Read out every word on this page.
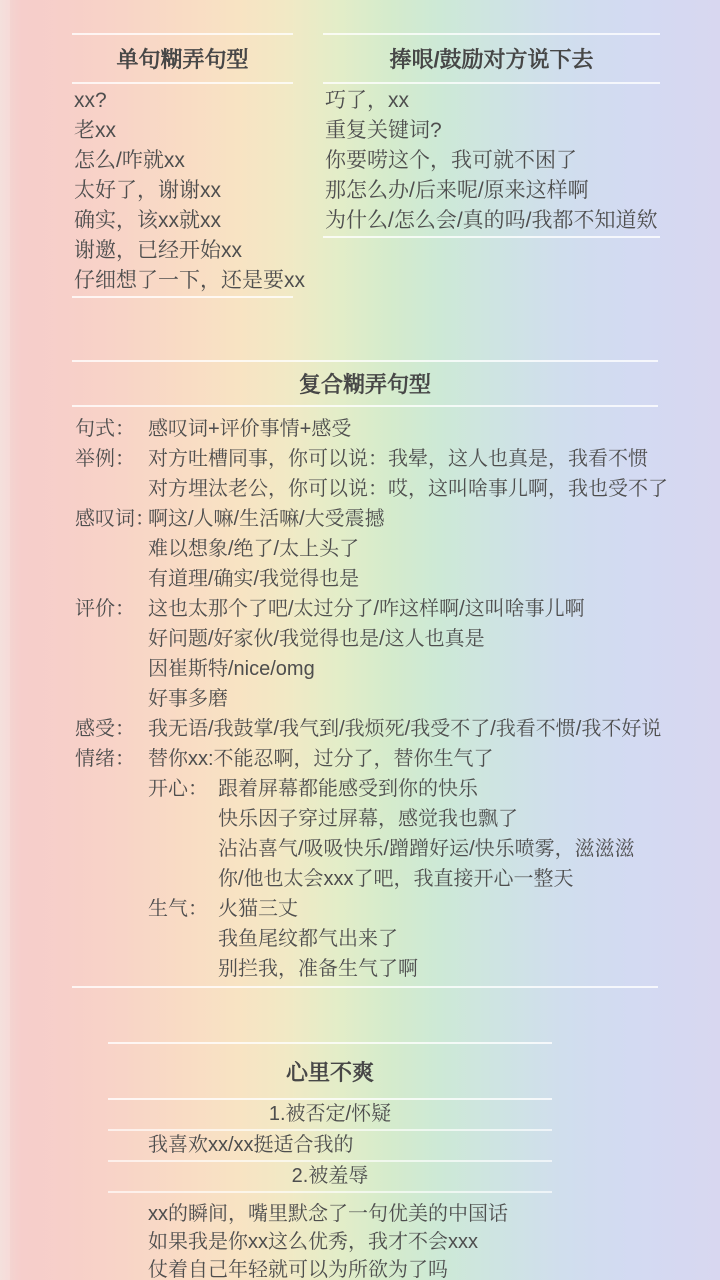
单句糊弄句型
xx?
老xx
怎么/咋就xx
太好了，谢谢xx
确实，该xx就xx
谢邀，已经开始xx
仔细想了一下，还是要xx
捧哏/鼓励对方说下去
巧了，xx
重复关键词?
你要唠这个，我可就不困了
那怎么办/后来呢/原来这样啊
为什么/怎么会/真的吗/我都不知道欸
复合糊弄句型
句式： 感叹词+评价事情+感受
举例： 对方吐槽同事，你可以说：我晕，这人也真是，我看不惯
对方埋汰老公，你可以说：哎，这叫啥事儿啊，我也受不了
感叹词：
啊这/人嘛/生活嘛/大受震撼
难以想象/绝了/太上头了
有道理/确实/我觉得也是
评价： 这也太那个了吧/太过分了/咋这样啊/这叫啥事儿啊
好问题/好家伙/我觉得也是/这人也真是
因崔斯特/nice/omg
好事多磨
感受： 我无语/我鼓掌/我气到/我烦死/我受不了/我看不惯/我不好说
情绪： 替你xx:不能忍啊，过分了，替你生气了
开心： 跟着屏幕都能感受到你的快乐
快乐因子穿过屏幕，感觉我也飘了
沾沾喜气/吸吸快乐/蹭蹭好运/快乐喷雾，滋滋滋
你/他也太会xxx了吧，我直接开心一整天
生气： 火猫三丈
我鱼尾纹都气出来了
别拦我，准备生气了啊
心里不爽
1.被否定/怀疑
我喜欢xx/xx挺适合我的
2.被羞辱
xx的瞬间，嘴里默念了一句优美的中国话
如果我是你xx这么优秀，我才不会xxx
仗着自己年轻就可以为所欲为了吗
